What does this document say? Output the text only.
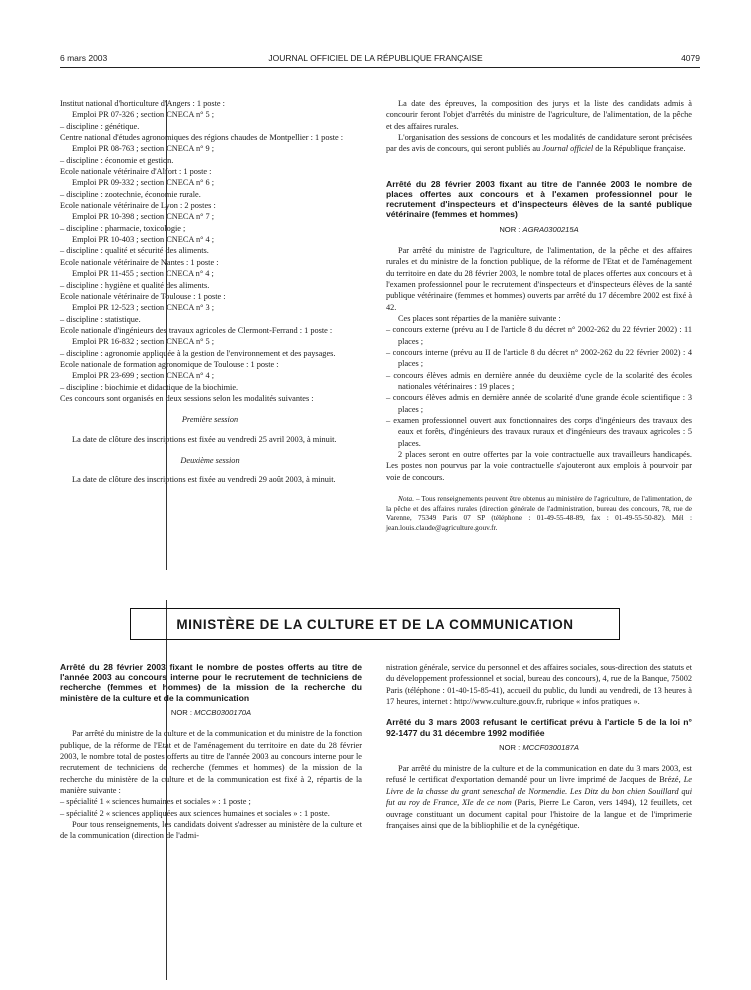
6 mars 2003	JOURNAL OFFICIEL DE LA RÉPUBLIQUE FRANÇAISE	4079

Institut national d'horticulture d'Angers : 1 poste :

Emploi PR 07-326 ; section CNECA n° 5 ;

– discipline : génétique.

Centre national d'études agronomiques des régions chaudes de Montpellier : 1 poste :

Emploi PR 08-763 ; section CNECA n° 9 ;

– discipline : économie et gestion.

Ecole nationale vétérinaire d'Alfort : 1 poste :

Emploi PR 09-332 ; section CNECA n° 6 ;

– discipline : zootechnie, économie rurale.

Ecole nationale vétérinaire de Lyon : 2 postes :

Emploi PR 10-398 ; section CNECA n° 7 ;

– discipline : pharmacie, toxicologie ;

Emploi PR 10-403 ; section CNECA n° 4 ;

– discipline : qualité et sécurité des aliments.

Ecole nationale vétérinaire de Nantes : 1 poste :

Emploi PR 11-455 ; section CNECA n° 4 ;

– discipline : hygiène et qualité des aliments.

Ecole nationale vétérinaire de Toulouse : 1 poste :

Emploi PR 12-523 ; section CNECA n° 3 ;

– discipline : statistique.

Ecole nationale d'ingénieurs des travaux agricoles de Clermont-Ferrand : 1 poste :

Emploi PR 16-832 ; section CNECA n° 5 ;

– discipline : agronomie appliquée à la gestion de l'environnement et des paysages.

Ecole nationale de formation agronomique de Toulouse : 1 poste :

Emploi PR 23-699 ; section CNECA n° 4 ;

– discipline : biochimie et didactique de la biochimie.

Ces concours sont organisés en deux sessions selon les modalités suivantes :

Première session

La date de clôture des inscriptions est fixée au vendredi 25 avril 2003, à minuit.

Deuxième session

La date de clôture des inscriptions est fixée au vendredi 29 août 2003, à minuit.

La date des épreuves, la composition des jurys et la liste des candidats admis à concourir feront l'objet d'arrêtés du ministre de l'agriculture, de l'alimentation, de la pêche et des affaires rurales.

L'organisation des sessions de concours et les modalités de candidature seront précisées par des avis de concours, qui seront publiés au Journal officiel de la République française.

Arrêté du 28 février 2003 fixant au titre de l'année 2003 le nombre de places offertes aux concours et à l'examen professionnel pour le recrutement d'inspecteurs et d'inspecteurs élèves de la santé publique vétérinaire (femmes et hommes)

NOR : AGRA0300215A

Par arrêté du ministre de l'agriculture, de l'alimentation, de la pêche et des affaires rurales et du ministre de la fonction publique, de la réforme de l'Etat et de l'aménagement du territoire en date du 28 février 2003, le nombre total de places offertes aux concours et à l'examen professionnel pour le recrutement d'inspecteurs et d'inspecteurs élèves de la santé publique vétérinaire (femmes et hommes) ouverts par arrêté du 17 décembre 2002 est fixé à 42.

Ces places sont réparties de la manière suivante :

– concours externe (prévu au I de l'article 8 du décret n° 2002-262 du 22 février 2002) : 11 places ;

– concours interne (prévu au II de l'article 8 du décret n° 2002-262 du 22 février 2002) : 4 places ;

– concours élèves admis en dernière année du deuxième cycle de la scolarité des écoles nationales vétérinaires : 19 places ;

– concours élèves admis en dernière année de scolarité d'une grande école scientifique : 3 places ;

– examen professionnel ouvert aux fonctionnaires des corps d'ingénieurs des travaux des eaux et forêts, d'ingénieurs des travaux ruraux et d'ingénieurs des travaux agricoles : 5 places.

2 places seront en outre offertes par la voie contractuelle aux travailleurs handicapés. Les postes non pourvus par la voie contractuelle s'ajouteront aux emplois à pourvoir par voie de concours.

Nota. – Tous renseignements peuvent être obtenus au ministère de l'agriculture, de l'alimentation, de la pêche et des affaires rurales (direction générale de l'administration, bureau des concours, 78, rue de Varenne, 75349 Paris 07 SP (téléphone : 01-49-55-48-89, fax : 01-49-55-50-82). Mél : jean.louis.claude@agriculture.gouv.fr.

MINISTÈRE DE LA CULTURE ET DE LA COMMUNICATION

Arrêté du 28 février 2003 fixant le nombre de postes offerts au titre de l'année 2003 au concours interne pour le recrutement de techniciens de recherche (femmes et hommes) de la mission de la recherche du ministère de la culture et de la communication

NOR : MCCB0300170A

Par arrêté du ministre de la culture et de la communication et du ministre de la fonction publique, de la réforme de l'Etat et de l'aménagement du territoire en date du 28 février 2003, le nombre total de postes offerts au titre de l'année 2003 au concours interne pour le recrutement de techniciens de recherche (femmes et hommes) de la mission de la recherche du ministère de la culture et de la communication est fixé à 2, répartis de la manière suivante :

– spécialité 1 « sciences humaines et sociales » : 1 poste ;

– spécialité 2 « sciences appliquées aux sciences humaines et sociales » : 1 poste.

Pour tous renseignements, les candidats doivent s'adresser au ministère de la culture et de la communication (direction de l'admi-

nistration générale, service du personnel et des affaires sociales, sous-direction des statuts et du développement professionnel et social, bureau des concours), 4, rue de la Banque, 75002 Paris (téléphone : 01-40-15-85-41), accueil du public, du lundi au vendredi, de 13 heures à 17 heures, internet : http://www.culture.gouv.fr, rubrique « infos pratiques ».

Arrêté du 3 mars 2003 refusant le certificat prévu à l'article 5 de la loi n° 92-1477 du 31 décembre 1992 modifiée

NOR : MCCF0300187A

Par arrêté du ministre de la culture et de la communication en date du 3 mars 2003, est refusé le certificat d'exportation demandé pour un livre imprimé de Jacques de Brézé, Le Livre de la chasse du grant seneschal de Normendie. Les Ditz du bon chien Souillard qui fut au roy de France, XIe de ce nom (Paris, Pierre Le Caron, vers 1494), 12 feuillets, cet ouvrage constituant un document capital pour l'histoire de la langue et de l'imprimerie françaises ainsi que de la bibliophilie et de la cynégétique.
